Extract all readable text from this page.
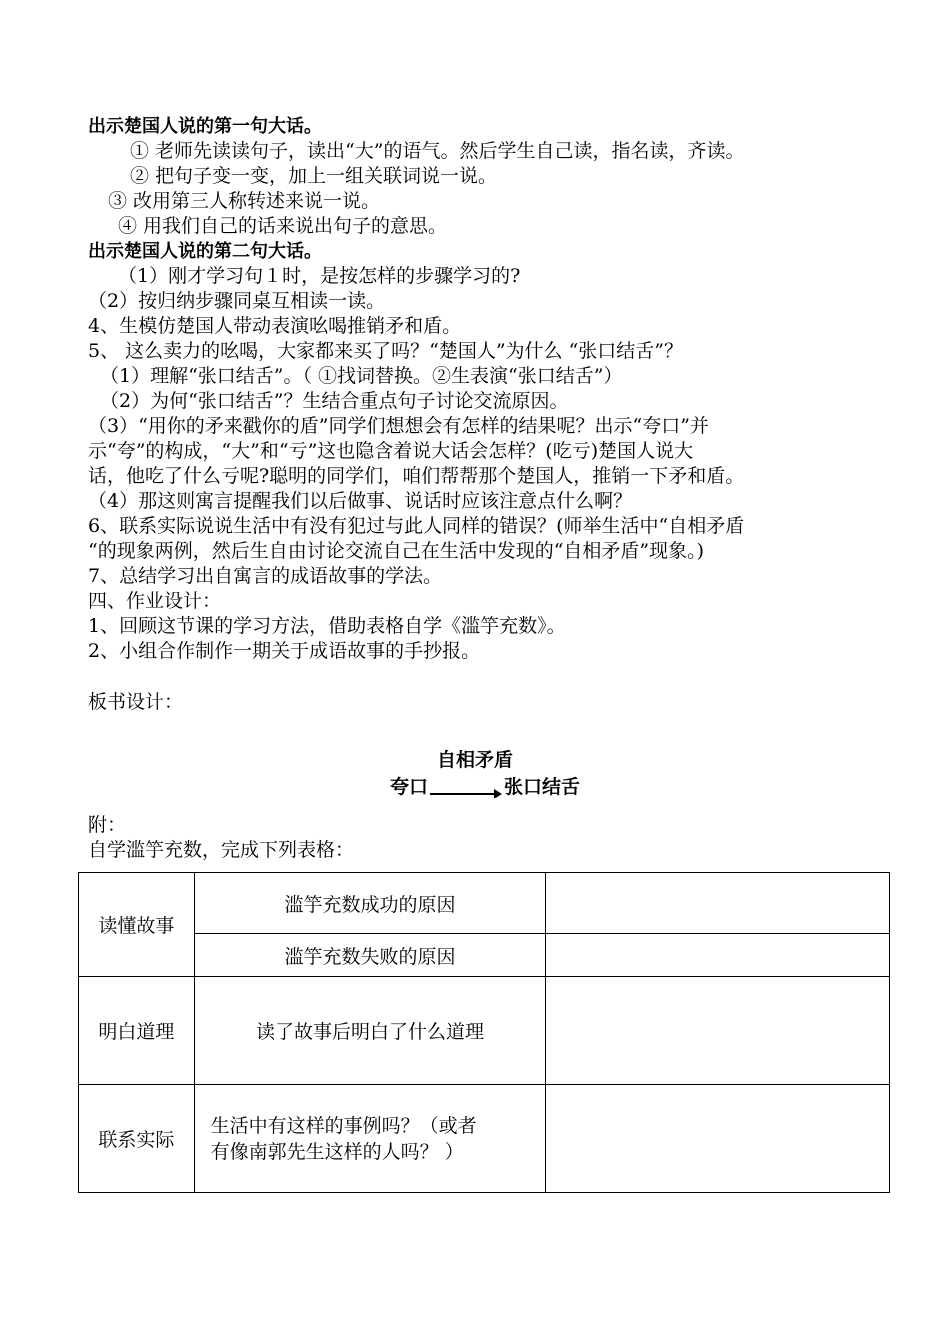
出示楚国人说的第一句大话。
① 老师先读读句子，读出“大”的语气。然后学生自己读，指名读，齐读。
② 把句子变一变，加上一组关联词说一说。
③ 改用第三人称转述来说一说。
④ 用我们自己的话来说出句子的意思。
出示楚国人说的第二句大话。
（1）刚才学习句１时，是按怎样的步骤学习的?
（2）按归纳步骤同桌互相读一读。
4、生模仿楚国人带动表演吆喝推销矛和盾。
5、 这么卖力的吆喝，大家都来买了吗？“楚国人”为什么 “张口结舌”？
（1）理解“张口结舌”。（ ①找词替换。②生表演“张口结舌”）
（2）为何“张口结舌”？生结合重点句子讨论交流原因。
（3）“用你的矛来戳你的盾”同学们想想会有怎样的结果呢？出示“夸口”并
示“夸”的构成，“大”和“亏”这也隐含着说大话会怎样？(吃亏)楚国人说大
话，他吃了什么亏呢?聪明的同学们，咱们帮帮那个楚国人，推销一下矛和盾。
（4）那这则寓言提醒我们以后做事、说话时应该注意点什么啊？
6、联系实际说说生活中有没有犯过与此人同样的错误？(师举生活中“自相矛盾
“的现象两例，然后生自由讨论交流自己在生活中发现的“自相矛盾”现象。)
7、总结学习出自寓言的成语故事的学法。
四、作业设计：
1、回顾这节课的学习方法，借助表格自学《滥竽充数》。
2、小组合作制作一期关于成语故事的手抄报。
板书设计：
附：
自学滥竽充数，完成下列表格：
自相矛盾
夸口	张口结舌
读懂故事	滥竽充数成功的原因	
	滥竽充数失败的原因	
明白道理	读了故事后明白了什么道理	
联系实际	生活中有这样的事例吗？（或者
有像南郭先生这样的人吗？ ）	
